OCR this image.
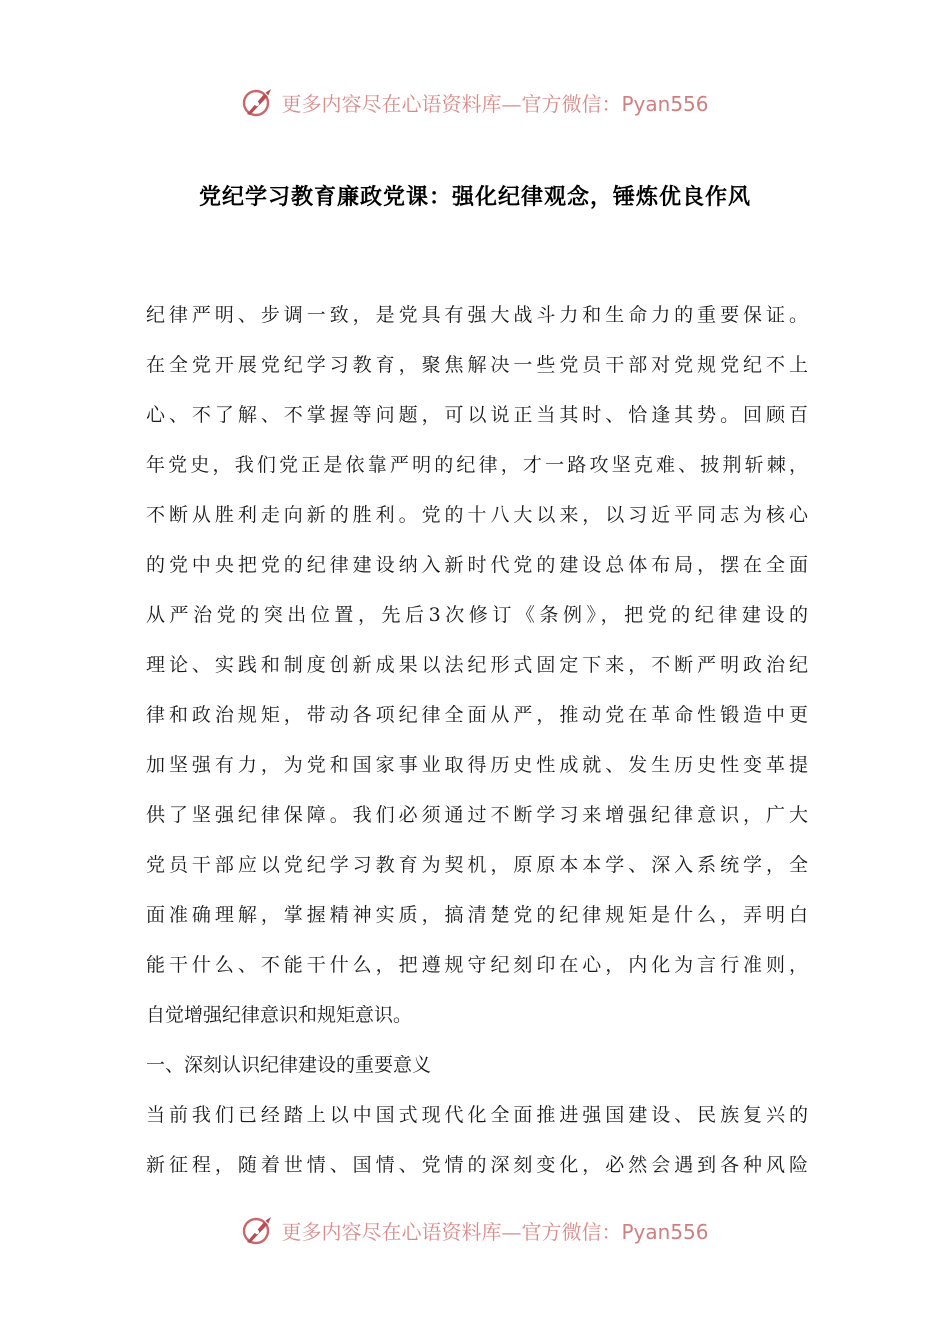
更多内容尽在心语资料库—官方微信：Pyan556
党纪学习教育廉政党课：强化纪律观念，锤炼优良作风
纪律严明、步调一致，是党具有强大战斗力和生命力的重要保证。
在全党开展党纪学习教育，聚焦解决一些党员干部对党规党纪不上
心、不了解、不掌握等问题，可以说正当其时、恰逢其势。回顾百
年党史，我们党正是依靠严明的纪律，才一路攻坚克难、披荆斩棘，
不断从胜利走向新的胜利。党的十八大以来，以习近平同志为核心
的党中央把党的纪律建设纳入新时代党的建设总体布局，摆在全面
从严治党的突出位置，先后3次修订《条例》，把党的纪律建设的
理论、实践和制度创新成果以法纪形式固定下来，不断严明政治纪
律和政治规矩，带动各项纪律全面从严，推动党在革命性锻造中更
加坚强有力，为党和国家事业取得历史性成就、发生历史性变革提
供了坚强纪律保障。我们必须通过不断学习来增强纪律意识，广大
党员干部应以党纪学习教育为契机，原原本本学、深入系统学，全
面准确理解，掌握精神实质，搞清楚党的纪律规矩是什么，弄明白
能干什么、不能干什么，把遵规守纪刻印在心，内化为言行准则，
自觉增强纪律意识和规矩意识。
一、深刻认识纪律建设的重要意义
当前我们已经踏上以中国式现代化全面推进强国建设、民族复兴的
新征程，随着世情、国情、党情的深刻变化，必然会遇到各种风险
更多内容尽在心语资料库—官方微信：Pyan556
